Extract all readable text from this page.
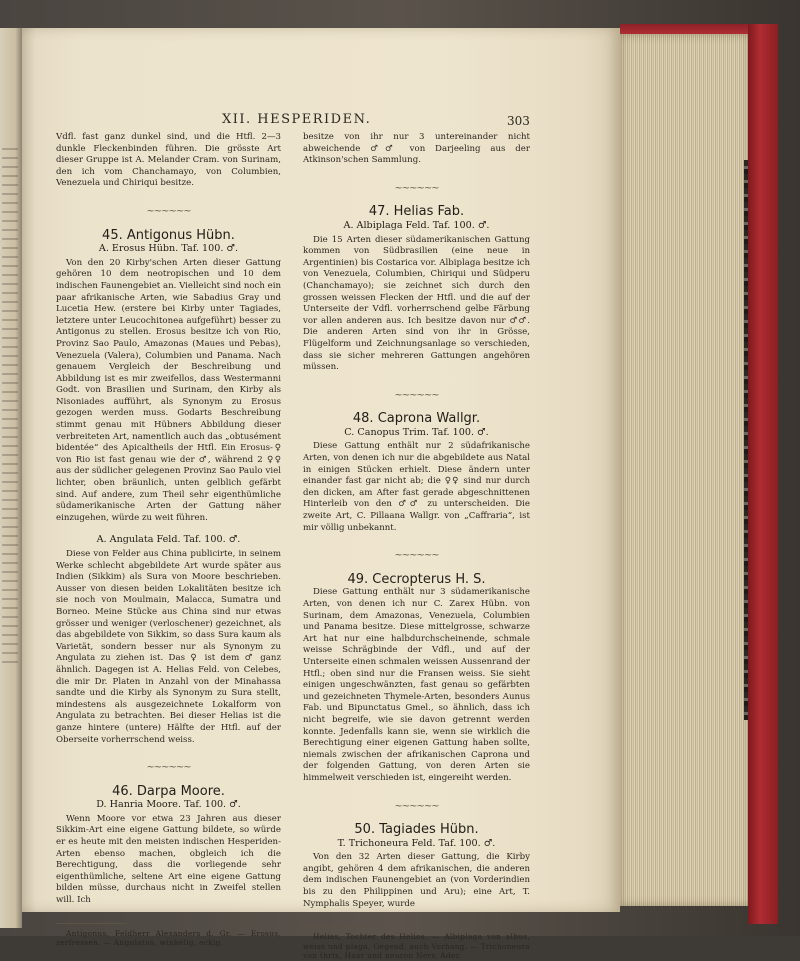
XII. HESPERIDEN.	303

Vdfl. fast ganz dunkel sind, und die Htfl. 2—3 dunkle Fleckenbinden führen. Die grösste Art dieser Gruppe ist A. Melander Cram. von Surinam, den ich vom Chanchamayo, von Columbien, Venezuela und Chiriqui besitze.

~~~~~~
45. Antigonus Hübn.
A. Erosus Hübn. Taf. 100. ♂.

Von den 20 Kirby'schen Arten dieser Gattung gehören 10 dem neotropischen und 10 dem indischen Faunengebiet an. Vielleicht sind noch ein paar afrikanische Arten, wie Sabadius Gray und Lucetia Hew. (erstere bei Kirby unter Tagiades, letztere unter Leucochitonea aufgeführt) besser zu Antigonus zu stellen. Erosus besitze ich von Rio, Provinz Sao Paulo, Amazonas (Maues und Pebas), Venezuela (Valera), Columbien und Panama. Nach genauem Vergleich der Beschreibung und Abbildung ist es mir zweifellos, dass Westermanni Godt. von Brasilien und Surinam, den Kirby als Nisoniades aufführt, als Synonym zu Erosus gezogen werden muss. Godarts Beschreibung stimmt genau mit Hübners Abbildung dieser verbreiteten Art, namentlich auch das „obtusément bidentée“ des Apicaltheils der Htfl. Ein Erosus-♀ von Rio ist fast genau wie der ♂, während 2 ♀♀ aus der südlicher gelegenen Provinz Sao Paulo viel lichter, oben bräunlich, unten gelblich gefärbt sind. Auf andere, zum Theil sehr eigenthümliche südamerikanische Arten der Gattung näher einzugehen, würde zu weit führen.

A. Angulata Feld. Taf. 100. ♂.

Diese von Felder aus China publicirte, in seinem Werke schlecht abgebildete Art wurde später aus Indien (Sikkim) als Sura von Moore beschrieben. Ausser von diesen beiden Lokalitäten besitze ich sie noch von Moulmain, Malacca, Sumatra und Borneo. Meine Stücke aus China sind nur etwas grösser und weniger (verloschener) gezeichnet, als das abgebildete von Sikkim, so dass Sura kaum als Varietät, sondern besser nur als Synonym zu Angulata zu ziehen ist. Das ♀ ist dem ♂ ganz ähnlich. Dagegen ist A. Helias Feld. von Celebes, die mir Dr. Platen in Anzahl von der Minahassa sandte und die Kirby als Synonym zu Sura stellt, mindestens als ausgezeichnete Lokalform von Angulata zu betrachten. Bei dieser Helias ist die ganze hintere (untere) Hälfte der Htfl. auf der Oberseite vorherrschend weiss.

~~~~~~
46. Darpa Moore.
D. Hanria Moore. Taf. 100. ♂.

Wenn Moore vor etwa 23 Jahren aus dieser Sikkim-Art eine eigene Gattung bildete, so würde er es heute mit den meisten indischen Hesperiden-Arten ebenso machen, obgleich ich die Berechtigung, dass die vorliegende sehr eigenthümliche, seltene Art eine eigene Gattung bilden müsse, durchaus nicht in Zweifel stellen will. Ich

Antigonus, Feldherr Alexanders d. Gr. — Erosus, zerfressen. — Angulatus, winkelig, eckig.

besitze von ihr nur 3 untereinander nicht abweichende ♂♂ von Darjeeling aus der Atkinson'schen Sammlung.

~~~~~~
47. Helias Fab.
A. Albiplaga Feld. Taf. 100. ♂.

Die 15 Arten dieser südamerikanischen Gattung kommen von Südbrasilien (eine neue in Argentinien) bis Costarica vor. Albiplaga besitze ich von Venezuela, Columbien, Chiriqui und Südperu (Chanchamayo); sie zeichnet sich durch den grossen weissen Flecken der Htfl. und die auf der Unterseite der Vdfl. vorherrschend gelbe Färbung vor allen anderen aus. Ich besitze davon nur ♂♂. Die anderen Arten sind von ihr in Grösse, Flügelform und Zeichnungsanlage so verschieden, dass sie sicher mehreren Gattungen angehören müssen.

~~~~~~
48. Caprona Wallgr.
C. Canopus Trim. Taf. 100. ♂.

Diese Gattung enthält nur 2 südafrikanische Arten, von denen ich nur die abgebildete aus Natal in einigen Stücken erhielt. Diese ändern unter einander fast gar nicht ab; die ♀♀ sind nur durch den dicken, am After fast gerade abgeschnittenen Hinterleib von den ♂♂ zu unterscheiden. Die zweite Art, C. Pillaana Wallgr. von „Caffraria“, ist mir völlig unbekannt.

~~~~~~
49. Cecropterus H. S.

Diese Gattung enthält nur 3 südamerikanische Arten, von denen ich nur C. Zarex Hübn. von Surinam, dem Amazonas, Venezuela, Columbien und Panama besitze. Diese mittelgrosse, schwarze Art hat nur eine halbdurchscheinende, schmale weisse Schrägbinde der Vdfl., und auf der Unterseite einen schmalen weissen Aussenrand der Htfl.; oben sind nur die Fransen weiss. Sie sieht einigen ungeschwänzten, fast genau so gefärbten und gezeichneten Thymele-Arten, besonders Aunus Fab. und Bipunctatus Gmel., so ähnlich, dass ich nicht begreife, wie sie davon getrennt werden konnte. Jedenfalls kann sie, wenn sie wirklich die Berechtigung einer eigenen Gattung haben sollte, niemals zwischen der afrikanischen Caprona und der folgenden Gattung, von deren Arten sie himmelweit verschieden ist, eingereiht werden.

~~~~~~
50. Tagiades Hübn.
T. Trichoneura Feld. Taf. 100. ♂.

Von den 32 Arten dieser Gattung, die Kirby angibt, gehören 4 dem afrikanischen, die anderen dem indischen Faunengebiet an (von Vorderindien bis zu den Philippinen und Aru); eine Art, T. Nymphalis Speyer, wurde

Helias, Tochter des Helios. — Albiplaga von albus, weiss und plaga, Gegend, auch Vorhang. — Trichoneura von thrix, Haar und neuron Nerv, Ader.
